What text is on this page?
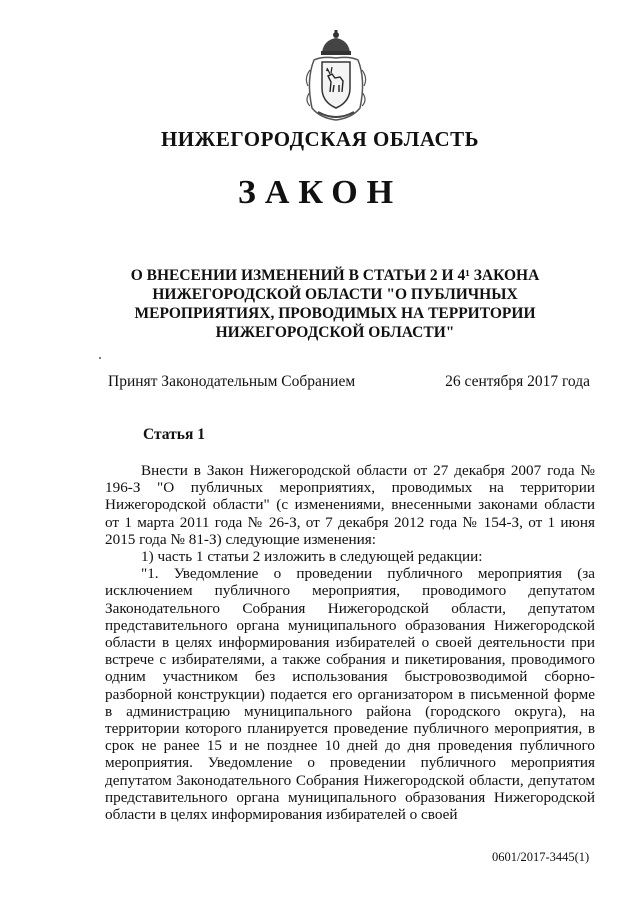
НИЖЕГОРОДСКАЯ ОБЛАСТЬ
ЗАКОН
О ВНЕСЕНИИ ИЗМЕНЕНИЙ В СТАТЬИ 2 И 4¹ ЗАКОНА
НИЖЕГОРОДСКОЙ ОБЛАСТИ "О ПУБЛИЧНЫХ
МЕРОПРИЯТИЯХ, ПРОВОДИМЫХ НА ТЕРРИТОРИИ
НИЖЕГОРОДСКОЙ ОБЛАСТИ"
Принят Законодательным Собранием	26 сентября 2017 года
Статья 1

Внести в Закон Нижегородской области от 27 декабря 2007 года № 196-З "О публичных мероприятиях, проводимых на территории Нижегородской области" (с изменениями, внесенными законами области от 1 марта 2011 года № 26-З, от 7 декабря 2012 года № 154-З, от 1 июня 2015 года № 81-З) следующие изменения:

1) часть 1 статьи 2 изложить в следующей редакции:

"1. Уведомление о проведении публичного мероприятия (за исключением публичного мероприятия, проводимого депутатом Законодательного Собрания Нижегородской области, депутатом представительного органа муниципального образования Нижегородской области в целях информирования избирателей о своей деятельности при встрече с избирателями, а также собрания и пикетирования, проводимого одним участником без использования быстровозводимой сборно-разборной конструкции) подается его организатором в письменной форме в администрацию муниципального района (городского округа), на территории которого планируется проведение публичного мероприятия, в срок не ранее 15 и не позднее 10 дней до дня проведения публичного мероприятия. Уведомление о проведении публичного мероприятия депутатом Законодательного Собрания Нижегородской области, депутатом представительного органа муниципального образования Нижегородской области в целях информирования избирателей о своей

0601/2017-3445(1)
